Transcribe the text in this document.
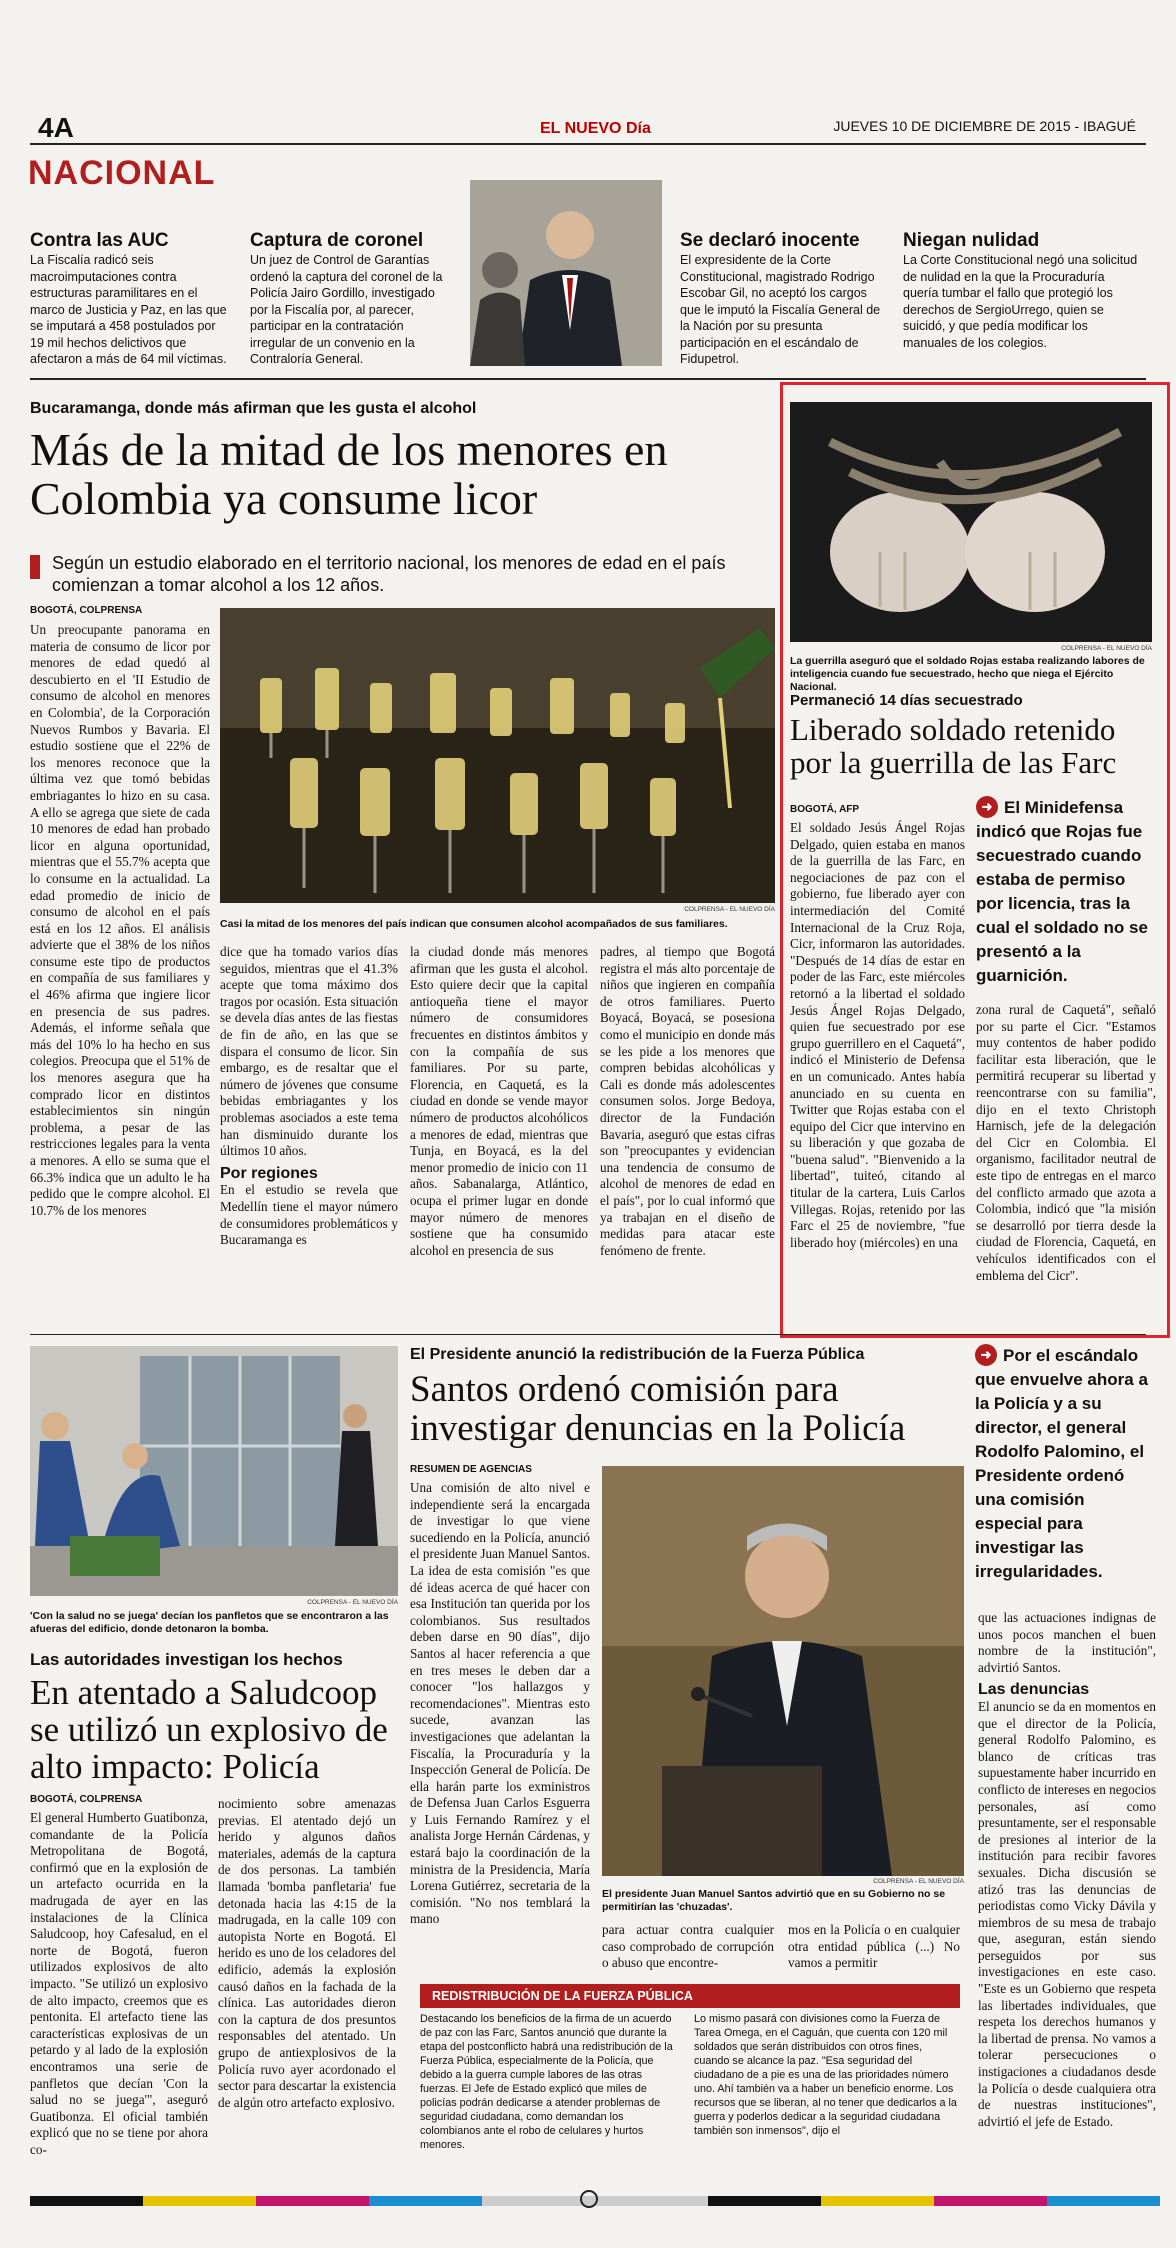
4A	EL NUEVO Día	JUEVES 10 DE DICIEMBRE DE 2015 - IBAGUÉ
NACIONAL
Contra las AUC
La Fiscalía radicó seis macroimputaciones contra estructuras paramilitares en el marco de Justicia y Paz, en las que se imputará a 458 postulados por 19 mil hechos delictivos que afectaron a más de 64 mil víctimas.
Captura de coronel
Un juez de Control de Garantías ordenó la captura del coronel de la Policía Jairo Gordillo, investigado por la Fiscalía por, al parecer, participar en la contratación irregular de un convenio en la Contraloría General.
Se declaró inocente
El expresidente de la Corte Constitucional, magistrado Rodrigo Escobar Gil, no aceptó los cargos que le imputó la Fiscalía General de la Nación por su presunta participación en el escándalo de Fidupetrol.
Niegan nulidad
La Corte Constitucional negó una solicitud de nulidad en la que la Procuraduría quería tumbar el fallo que protegió los derechos de SergioUrrego, quien se suicidó, y que pedía modificar los manuales de los colegios.
Bucaramanga, donde más afirman que les gusta el alcohol
Más de la mitad de los menores en Colombia ya consume licor
Según un estudio elaborado en el territorio nacional, los menores de edad en el país comienzan a tomar alcohol a los 12 años.
BOGOTÁ, COLPRENSA
Un preocupante panorama en materia de consumo de licor por menores de edad quedó al descubierto en el 'II Estudio de consumo de alcohol en menores en Colombia', de la Corporación Nuevos Rumbos y Bavaria. El estudio sostiene que el 22% de los menores reconoce que la última vez que tomó bebidas embriagantes lo hizo en su casa. A ello se agrega que siete de cada 10 menores de edad han probado licor en alguna oportunidad, mientras que el 55.7% acepta que lo consume en la actualidad. La edad promedio de inicio de consumo de alcohol en el país está en los 12 años. El análisis advierte que el 38% de los niños consume este tipo de productos en compañía de sus familiares y el 46% afirma que ingiere licor en presencia de sus padres. Además, el informe señala que más del 10% lo ha hecho en sus colegios. Preocupa que el 51% de los menores asegura que ha comprado licor en distintos establecimientos sin ningún problema, a pesar de las restricciones legales para la venta a menores. A ello se suma que el 66.3% indica que un adulto le ha pedido que le compre alcohol. El 10.7% de los menores
COLPRENSA - EL NUEVO DÍA
Casi la mitad de los menores del país indican que consumen alcohol acompañados de sus familiares.
dice que ha tomado varios días seguidos, mientras que el 41.3% acepte que toma máximo dos tragos por ocasión. Esta situación se devela días antes de las fiestas de fin de año, en las que se dispara el consumo de licor. Sin embargo, es de resaltar que el número de jóvenes que consume bebidas embriagantes y los problemas asociados a este tema han disminuido durante los últimos 10 años.
Por regiones
En el estudio se revela que Medellín tiene el mayor número de consumidores problemáticos y Bucaramanga es
la ciudad donde más menores afirman que les gusta el alcohol. Esto quiere decir que la capital antioqueña tiene el mayor número de consumidores frecuentes en distintos ámbitos y con la compañía de sus familiares. Por su parte, Florencia, en Caquetá, es la ciudad en donde se vende mayor número de productos alcohólicos a menores de edad, mientras que Tunja, en Boyacá, es la del menor promedio de inicio con 11 años. Sabanalarga, Atlántico, ocupa el primer lugar en donde mayor número de menores sostiene que ha consumido alcohol en presencia de sus
padres, al tiempo que Bogotá registra el más alto porcentaje de niños que ingieren en compañía de otros familiares. Puerto Boyacá, Boyacá, se posesiona como el municipio en donde más se les pide a los menores que compren bebidas alcohólicas y Cali es donde más adolescentes consumen solos. Jorge Bedoya, director de la Fundación Bavaria, aseguró que estas cifras son "preocupantes y evidencian una tendencia de consumo de alcohol de menores de edad en el país", por lo cual informó que ya trabajan en el diseño de medidas para atacar este fenómeno de frente.
COLPRENSA - EL NUEVO DÍA
La guerrilla aseguró que el soldado Rojas estaba realizando labores de inteligencia cuando fue secuestrado, hecho que niega el Ejército Nacional.
Permaneció 14 días secuestrado
Liberado soldado retenido por la guerrilla de las Farc
BOGOTÁ, AFP
El soldado Jesús Ángel Rojas Delgado, quien estaba en manos de la guerrilla de las Farc, en negociaciones de paz con el gobierno, fue liberado ayer con intermediación del Comité Internacional de la Cruz Roja, Cicr, informaron las autoridades. "Después de 14 días de estar en poder de las Farc, este miércoles retornó a la libertad el soldado Jesús Ángel Rojas Delgado, quien fue secuestrado por ese grupo guerrillero en el Caquetá", indicó el Ministerio de Defensa en un comunicado. Antes había anunciado en su cuenta en Twitter que Rojas estaba con el equipo del Cicr que intervino en su liberación y que gozaba de "buena salud". "Bienvenido a la libertad", tuiteó, citando al titular de la cartera, Luis Carlos Villegas. Rojas, retenido por las Farc el 25 de noviembre, "fue liberado hoy (miércoles) en una
➜ El Minidefensa indicó que Rojas fue secuestrado cuando estaba de permiso por licencia, tras la cual el soldado no se presentó a la guarnición.
zona rural de Caquetá", señaló por su parte el Cicr. "Estamos muy contentos de haber podido facilitar esta liberación, que le permitirá recuperar su libertad y reencontrarse con su familia", dijo en el texto Christoph Harnisch, jefe de la delegación del Cicr en Colombia. El organismo, facilitador neutral de este tipo de entregas en el marco del conflicto armado que azota a Colombia, indicó que "la misión se desarrolló por tierra desde la ciudad de Florencia, Caquetá, en vehículos identificados con el emblema del Cicr".
COLPRENSA - EL NUEVO DÍA
'Con la salud no se juega' decían los panfletos que se encontraron a las afueras del edificio, donde detonaron la bomba.
Las autoridades investigan los hechos
En atentado a Saludcoop se utilizó un explosivo de alto impacto: Policía
BOGOTÁ, COLPRENSA
El general Humberto Guatibonza, comandante de la Policía Metropolitana de Bogotá, confirmó que en la explosión de un artefacto ocurrida en la madrugada de ayer en las instalaciones de la Clínica Saludcoop, hoy Cafesalud, en el norte de Bogotá, fueron utilizados explosivos de alto impacto. "Se utilizó un explosivo de alto impacto, creemos que es pentonita. El artefacto tiene las características explosivas de un petardo y al lado de la explosión encontramos una serie de panfletos que decían 'Con la salud no se juega'", aseguró Guatibonza. El oficial también explicó que no se tiene por ahora co-
nocimiento sobre amenazas previas. El atentado dejó un herido y algunos daños materiales, además de la captura de dos personas. La también llamada 'bomba panfletaria' fue detonada hacia las 4:15 de la madrugada, en la calle 109 con autopista Norte en Bogotá. El herido es uno de los celadores del edificio, además la explosión causó daños en la fachada de la clínica. Las autoridades dieron con la captura de dos presuntos responsables del atentado. Un grupo de antiexplosivos de la Policía ruvo ayer acordonado el sector para descartar la existencia de algún otro artefacto explosivo.
El Presidente anunció la redistribución de la Fuerza Pública
Santos ordenó comisión para investigar denuncias en la Policía
RESUMEN DE AGENCIAS
Una comisión de alto nivel e independiente será la encargada de investigar lo que viene sucediendo en la Policía, anunció el presidente Juan Manuel Santos. La idea de esta comisión "es que dé ideas acerca de qué hacer con esa Institución tan querida por los colombianos. Sus resultados deben darse en 90 días", dijo Santos al hacer referencia a que en tres meses le deben dar a conocer "los hallazgos y recomendaciones". Mientras esto sucede, avanzan las investigaciones que adelantan la Fiscalía, la Procuraduría y la Inspección General de Policía. De ella harán parte los exministros de Defensa Juan Carlos Esguerra y Luis Fernando Ramírez y el analista Jorge Hernán Cárdenas, y estará bajo la coordinación de la ministra de la Presidencia, María Lorena Gutiérrez, secretaria de la comisión. "No nos temblará la mano
COLPRENSA - EL NUEVO DÍA
El presidente Juan Manuel Santos advirtió que en su Gobierno no se permitirían las 'chuzadas'.
para actuar contra cualquier caso comprobado de corrupción o abuso que encontre-
mos en la Policía o en cualquier otra entidad pública (...) No vamos a permitir
➜ Por el escándalo que envuelve ahora a la Policía y a su director, el general Rodolfo Palomino, el Presidente ordenó una comisión especial para investigar las irregularidades.
que las actuaciones indignas de unos pocos manchen el buen nombre de la institución", advirtió Santos.
Las denuncias
El anuncio se da en momentos en que el director de la Policía, general Rodolfo Palomino, es blanco de críticas tras supuestamente haber incurrido en conflicto de intereses en negocios personales, así como presuntamente, ser el responsable de presiones al interior de la institución para recibir favores sexuales. Dicha discusión se atizó tras las denuncias de periodistas como Vicky Dávila y miembros de su mesa de trabajo que, aseguran, están siendo perseguidos por sus investigaciones en este caso. "Este es un Gobierno que respeta las libertades individuales, que respeta los derechos humanos y la libertad de prensa. No vamos a tolerar persecuciones o instigaciones a ciudadanos desde la Policía o desde cualquiera otra de nuestras instituciones", advirtió el jefe de Estado.
REDISTRIBUCIÓN DE LA FUERZA PÚBLICA
Destacando los beneficios de la firma de un acuerdo de paz con las Farc, Santos anunció que durante la etapa del postconflicto habrá una redistribución de la Fuerza Pública, especialmente de la Policía, que debido a la guerra cumple labores de las otras fuerzas. El Jefe de Estado explicó que miles de policías podrán dedicarse a atender problemas de seguridad ciudadana, como demandan los colombianos ante el robo de celulares y hurtos menores.
Lo mismo pasará con divisiones como la Fuerza de Tarea Omega, en el Caguán, que cuenta con 120 mil soldados que serán distribuidos con otros fines, cuando se alcance la paz. "Esa seguridad del ciudadano de a pie es una de las prioridades número uno. Ahí también va a haber un beneficio enorme. Los recursos que se liberan, al no tener que dedicarlos a la guerra y poderlos dedicar a la seguridad ciudadana también son inmensos", dijo el
